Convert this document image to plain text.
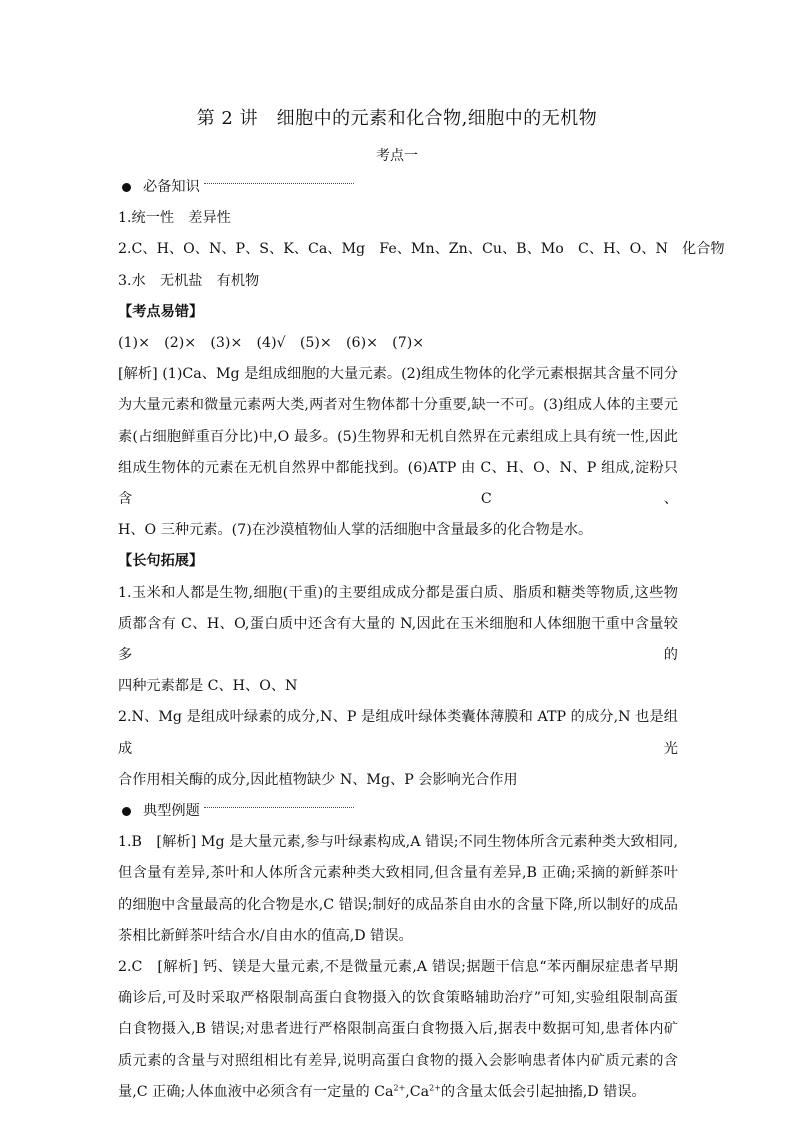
第 2 讲　细胞中的元素和化合物,细胞中的无机物
考点一
必备知识
1.统一性　差异性
2.C、H、O、N、P、S、K、Ca、Mg　Fe、Mn、Zn、Cu、B、Mo　C、H、O、N　化合物
3.水　无机盐　有机物
【考点易错】
(1)×　(2)×　(3)×　(4)√　(5)×　(6)×　(7)×
[解析] (1)Ca、Mg 是组成细胞的大量元素。(2)组成生物体的化学元素根据其含量不同分
为大量元素和微量元素两大类,两者对生物体都十分重要,缺一不可。(3)组成人体的主要元
素(占细胞鲜重百分比)中,O 最多。(5)生物界和无机自然界在元素组成上具有统一性,因此
组成生物体的元素在无机自然界中都能找到。(6)ATP 由 C、H、O、N、P 组成,淀粉只含 C、
H、O 三种元素。(7)在沙漠植物仙人掌的活细胞中含量最多的化合物是水。
【长句拓展】
1.玉米和人都是生物,细胞(干重)的主要组成成分都是蛋白质、脂质和糖类等物质,这些物
质都含有 C、H、O,蛋白质中还含有大量的 N,因此在玉米细胞和人体细胞干重中含量较多的
四种元素都是 C、H、O、N
2.N、Mg 是组成叶绿素的成分,N、P 是组成叶绿体类囊体薄膜和 ATP 的成分,N 也是组成光
合作用相关酶的成分,因此植物缺少 N、Mg、P 会影响光合作用
典型例题
1.B　[解析] Mg 是大量元素,参与叶绿素构成,A 错误;不同生物体所含元素种类大致相同,
但含量有差异,茶叶和人体所含元素种类大致相同,但含量有差异,B 正确;采摘的新鲜茶叶
的细胞中含量最高的化合物是水,C 错误;制好的成品茶自由水的含量下降,所以制好的成品
茶相比新鲜茶叶结合水/自由水的值高,D 错误。
2.C　[解析] 钙、镁是大量元素,不是微量元素,A 错误;据题干信息“苯丙酮尿症患者早期
确诊后,可及时采取严格限制高蛋白食物摄入的饮食策略辅助治疗”可知,实验组限制高蛋
白食物摄入,B 错误;对患者进行严格限制高蛋白食物摄入后,据表中数据可知,患者体内矿
质元素的含量与对照组相比有差异,说明高蛋白食物的摄入会影响患者体内矿质元素的含
量,C 正确;人体血液中必须含有一定量的 $Ca^{2+},Ca^{2+}$的含量太低会引起抽搐,D 错误。
